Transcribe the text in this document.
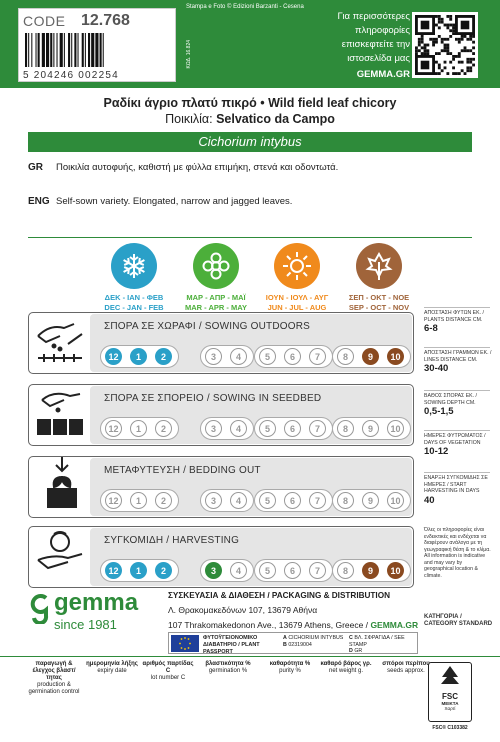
CODE 12.768
5 204246 002254
Stampa e Foto © Edizioni Barzanti - Cesena
ΚΩΔ. 16.824
Για περισσότερες πληροφορίες επισκεφτείτε την ιστοσελίδα μας
GEMMA.GR
Ραδίκι άγριο πλατύ πικρό • Wild field leaf chicory
Ποικιλία: Selvatico da Campo
Cichorium intybus
GR Ποικιλία αυτοφυής, καθιστή με φύλλα επιμήκη, στενά και οδοντωτά.
ENG Self-sown variety. Elongated, narrow and jagged leaves.
ΔΕΚ - ΙΑΝ - ΦΕΒ
DEC - JAN - FEB
ΜΑΡ - ΑΠΡ - ΜΑΪ
MAR - APR - MAY
ΙΟΥΝ - ΙΟΥΛ - ΑΥΓ
JUN - JUL - AUG
ΣΕΠ - ΟΚΤ - ΝΟΕ
SEP - OCT - NOV
ΣΠΟΡΑ ΣΕ ΧΩΡΑΦΙ / SOWING OUTDOORS
12	1	2	3	4	5	6	7	8	9	10
ΣΠΟΡΑ ΣΕ ΣΠΟΡΕΙΟ / SOWING IN SEEDBED
12	1	2	3	4	5	6	7	8	9	10
ΜΕΤΑΦΥΤΕΥΣΗ / BEDDING OUT
12	1	2	3	4	5	6	7	8	9	10
ΣΥΓΚΟΜΙΔΗ / HARVESTING
12	1	2	3	4	5	6	7	8	9	10
ΑΠΟΣΤΑΣΗ ΦΥΤΩΝ ΕΚ. / PLANTS DISTANCE CM.
6-8
ΑΠΟΣΤΑΣΗ ΓΡΑΜΜΩΝ ΕΚ. / LINES DISTANCE CM.
30-40
ΒΑΘΟΣ ΣΠΟΡΑΣ ΕΚ. / SOWING DEPTH CM.
0,5-1,5
ΗΜΕΡΕΣ ΦΥΤΡΩΜΑΤΟΣ / DAYS OF VEGETATION
10-12
ΕΝΑΡΞΗ ΣΥΓΚΟΜΙΔΗΣ ΣΕ ΗΜΕΡΕΣ / START HARVESTING IN DAYS
40
Όλες οι πληροφορίες είναι ενδεικτικές και ενδέχεται να διαφέρουν ανάλογα με τη γεωγραφική θέση & το κλίμα. All information is indicative and may vary by geographical location & climate.
ΚΑΤΗΓΟΡΙΑ / CATEGORY STANDARD
gemma
since 1981
ΣΥΣΚΕΥΑΣΙΑ & ΔΙΑΘΕΣΗ / PACKAGING & DISTRIBUTION
Λ. Θρακομακεδόνων 107, 13679 Αθήνα
107 Thrakomakedonon Ave., 13679 Athens, Greece / GEMMA.GR
ΦΥΤΟΫΓΕΙΟΝΟΜΙΚΟ ΔΙΑΒΑΤΗΡΙΟ / PLANT PASSPORT
A CICHORIUM INTYBUS
B 02319004
C ΒΛ. ΣΦΡΑΓΙΔΑ / SEE STAMP
D GR
παραγωγή & έλεγχος βλαστ/τητας
production & germination control
ημερομηνία λήξης
expiry date
αριθμός παρτίδας C
lot number C
βλαστικότητα %
germination %
καθαρότητα %
purity %
καθαρό βάρος γρ.
net weight g.
σπόροι περίπου
seeds approx.
FSC
ΜΕΙΚΤΑ
Χαρτί
FSC® C103382
